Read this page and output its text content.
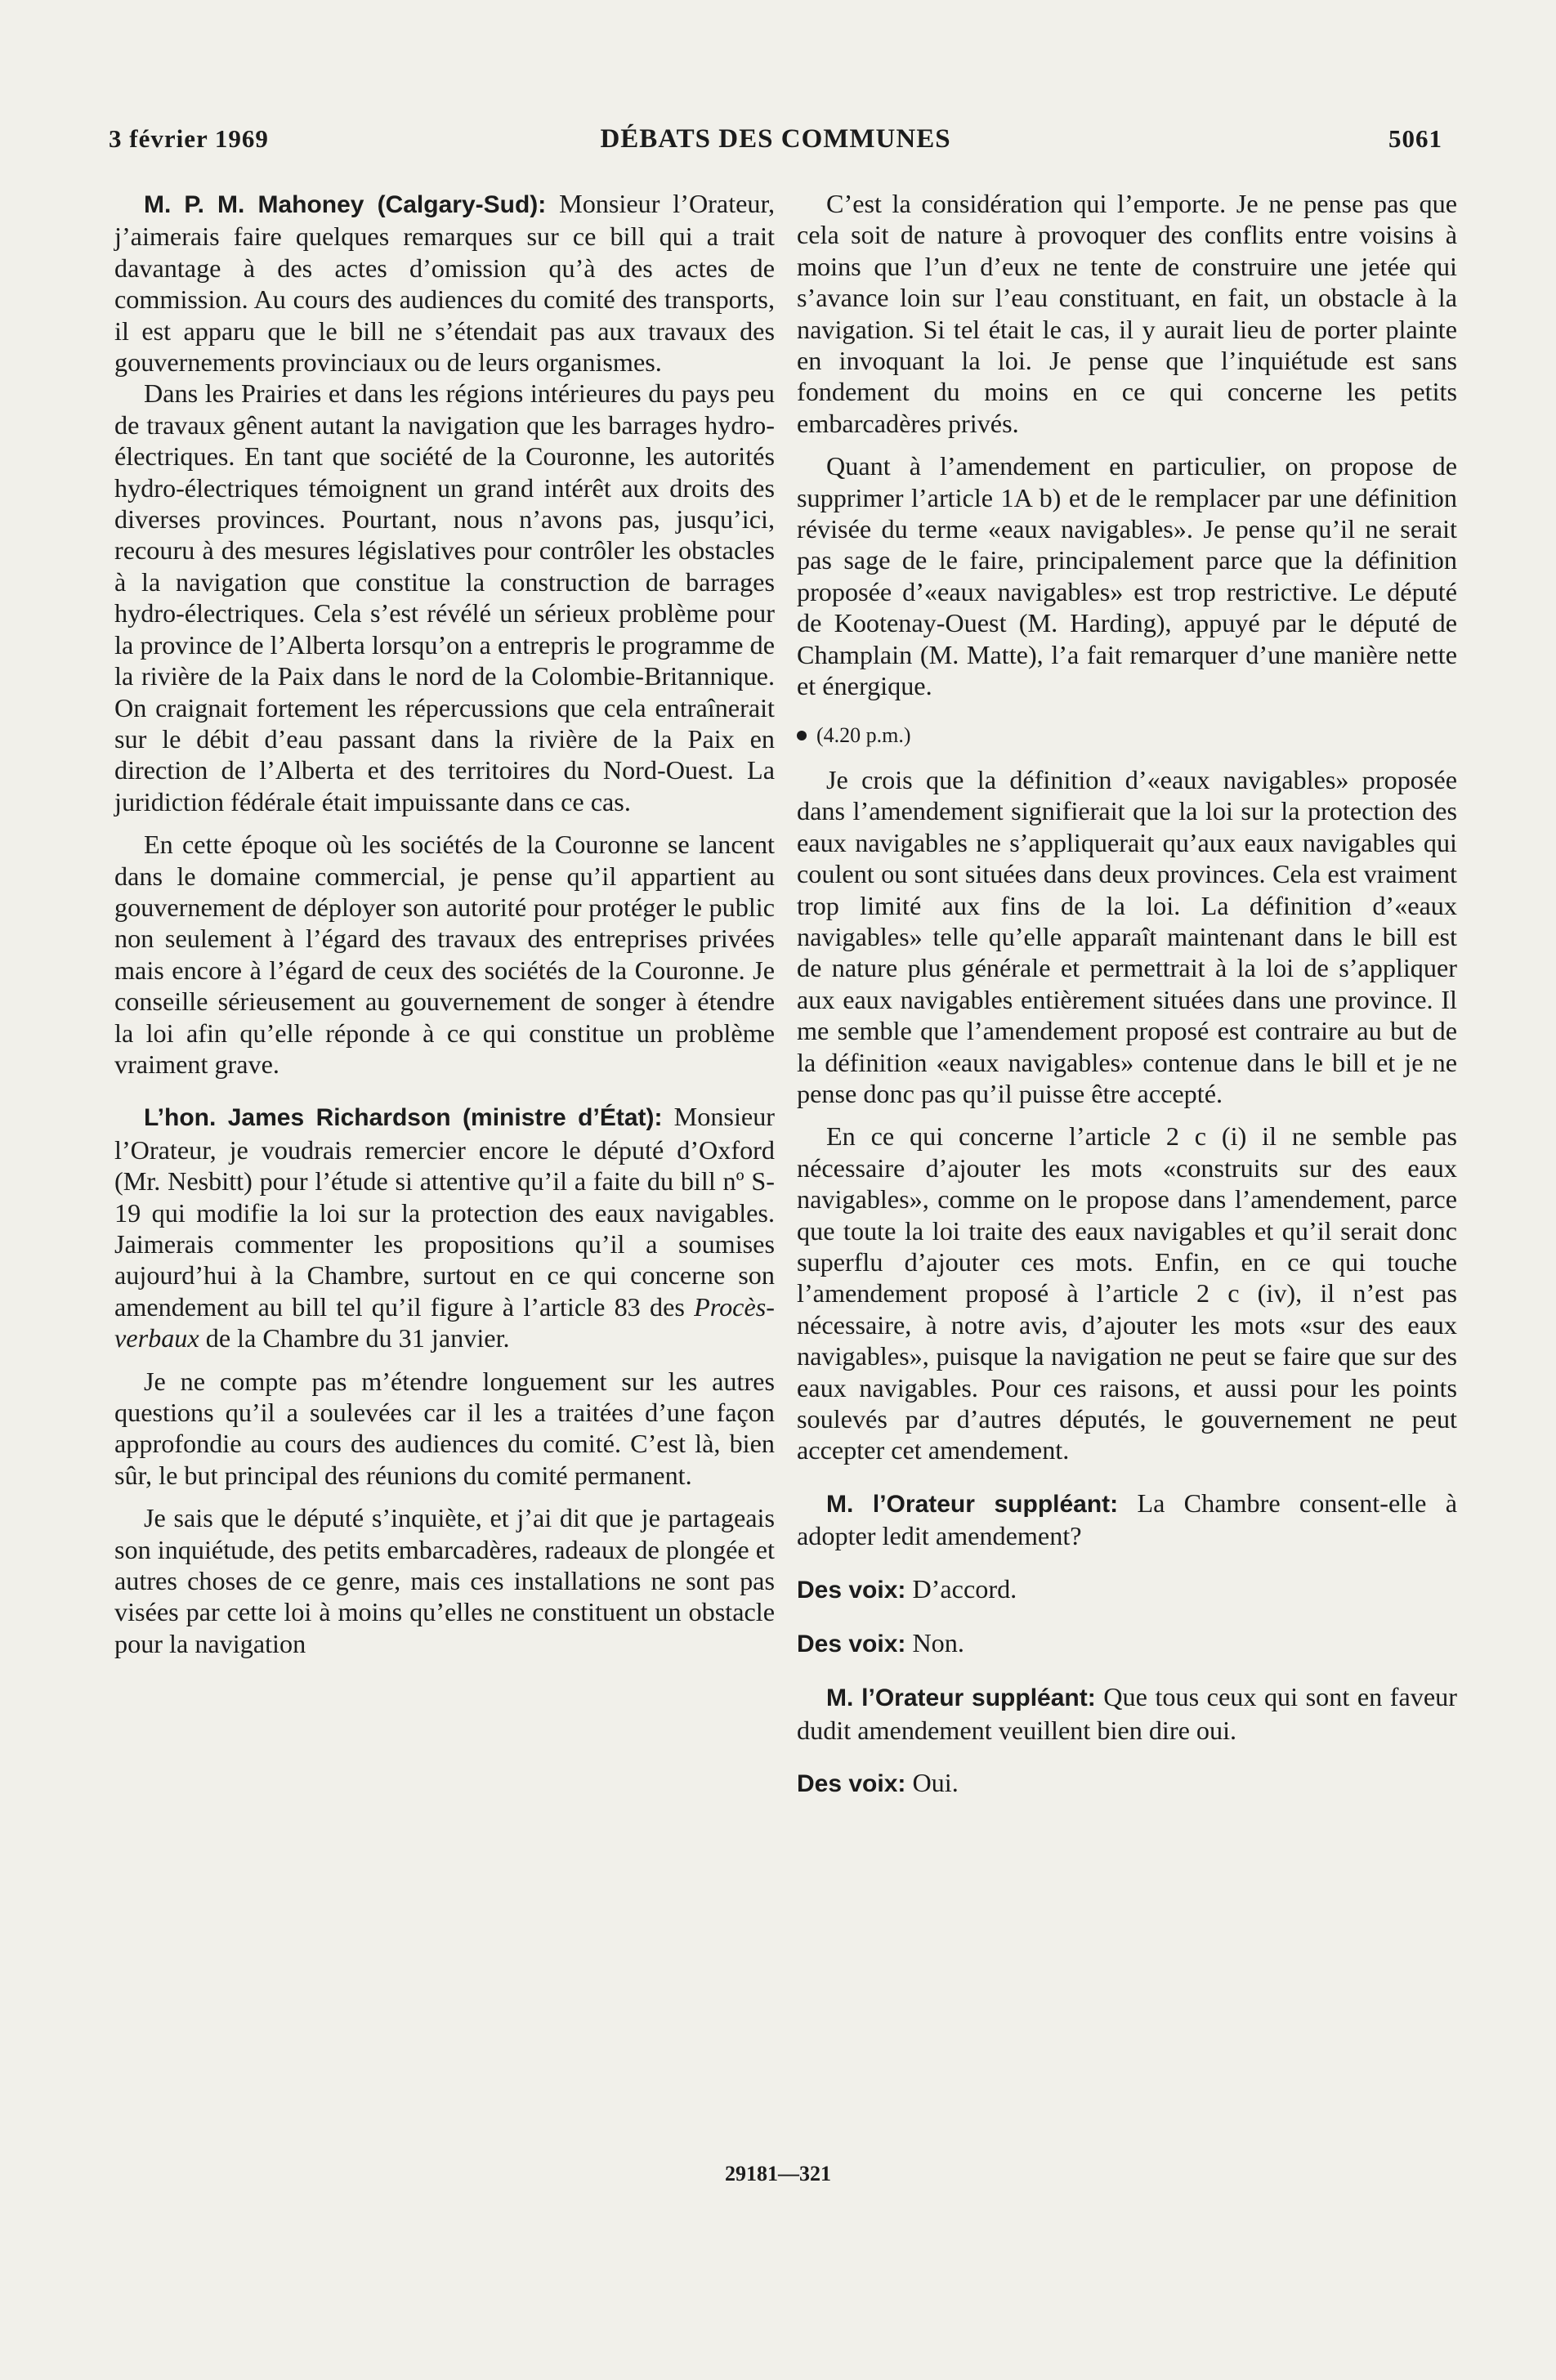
3 février 1969	DÉBATS DES COMMUNES	5061

M. P. M. Mahoney (Calgary-Sud): Monsieur l’Orateur, j’aimerais faire quelques remarques sur ce bill qui a trait davantage à des actes d’omission qu’à des actes de commission. Au cours des audiences du comité des transports, il est apparu que le bill ne s’étendait pas aux travaux des gouvernements provinciaux ou de leurs organismes.

Dans les Prairies et dans les régions intérieures du pays peu de travaux gênent autant la navigation que les barrages hydro-électriques. En tant que société de la Couronne, les autorités hydro-électriques témoignent un grand intérêt aux droits des diverses provinces. Pourtant, nous n’avons pas, jusqu’ici, recouru à des mesures législatives pour contrôler les obstacles à la navigation que constitue la construction de barrages hydro-électriques. Cela s’est révélé un sérieux problème pour la province de l’Alberta lorsqu’on a entrepris le programme de la rivière de la Paix dans le nord de la Colombie-Britannique. On craignait fortement les répercussions que cela entraînerait sur le débit d’eau passant dans la rivière de la Paix en direction de l’Alberta et des territoires du Nord-Ouest. La juridiction fédérale était impuissante dans ce cas.

En cette époque où les sociétés de la Couronne se lancent dans le domaine commercial, je pense qu’il appartient au gouvernement de déployer son autorité pour protéger le public non seulement à l’égard des travaux des entreprises privées mais encore à l’égard de ceux des sociétés de la Couronne. Je conseille sérieusement au gouvernement de songer à étendre la loi afin qu’elle réponde à ce qui constitue un problème vraiment grave.

L’hon. James Richardson (ministre d’État): Monsieur l’Orateur, je voudrais remercier encore le député d’Oxford (Mr. Nesbitt) pour l’étude si attentive qu’il a faite du bill nº S-19 qui modifie la loi sur la protection des eaux navigables. Jaimerais commenter les propositions qu’il a soumises aujourd’hui à la Chambre, surtout en ce qui concerne son amendement au bill tel qu’il figure à l’article 83 des Procès-verbaux de la Chambre du 31 janvier.

Je ne compte pas m’étendre longuement sur les autres questions qu’il a soulevées car il les a traitées d’une façon approfondie au cours des audiences du comité. C’est là, bien sûr, le but principal des réunions du comité permanent.

Je sais que le député s’inquiète, et j’ai dit que je partageais son inquiétude, des petits embarcadères, radeaux de plongée et autres choses de ce genre, mais ces installations ne sont pas visées par cette loi à moins qu’elles ne constituent un obstacle pour la navigation

C’est la considération qui l’emporte. Je ne pense pas que cela soit de nature à provoquer des conflits entre voisins à moins que l’un d’eux ne tente de construire une jetée qui s’avance loin sur l’eau constituant, en fait, un obstacle à la navigation. Si tel était le cas, il y aurait lieu de porter plainte en invoquant la loi. Je pense que l’inquiétude est sans fondement du moins en ce qui concerne les petits embarcadères privés.

Quant à l’amendement en particulier, on propose de supprimer l’article 1A b) et de le remplacer par une définition révisée du terme «eaux navigables». Je pense qu’il ne serait pas sage de le faire, principalement parce que la définition proposée d’«eaux navigables» est trop restrictive. Le député de Kootenay-Ouest (M. Harding), appuyé par le député de Champlain (M. Matte), l’a fait remarquer d’une manière nette et énergique.

(4.20 p.m.)

Je crois que la définition d’«eaux navigables» proposée dans l’amendement signifierait que la loi sur la protection des eaux navigables ne s’appliquerait qu’aux eaux navigables qui coulent ou sont situées dans deux provinces. Cela est vraiment trop limité aux fins de la loi. La définition d’«eaux navigables» telle qu’elle apparaît maintenant dans le bill est de nature plus générale et permettrait à la loi de s’appliquer aux eaux navigables entièrement situées dans une province. Il me semble que l’amendement proposé est contraire au but de la définition «eaux navigables» contenue dans le bill et je ne pense donc pas qu’il puisse être accepté.

En ce qui concerne l’article 2 c (i) il ne semble pas nécessaire d’ajouter les mots «construits sur des eaux navigables», comme on le propose dans l’amendement, parce que toute la loi traite des eaux navigables et qu’il serait donc superflu d’ajouter ces mots. Enfin, en ce qui touche l’amendement proposé à l’article 2 c (iv), il n’est pas nécessaire, à notre avis, d’ajouter les mots «sur des eaux navigables», puisque la navigation ne peut se faire que sur des eaux navigables. Pour ces raisons, et aussi pour les points soulevés par d’autres députés, le gouvernement ne peut accepter cet amendement.

M. l’Orateur suppléant: La Chambre consent-elle à adopter ledit amendement?

Des voix: D’accord.

Des voix: Non.

M. l’Orateur suppléant: Que tous ceux qui sont en faveur dudit amendement veuillent bien dire oui.

Des voix: Oui.

29181—321
